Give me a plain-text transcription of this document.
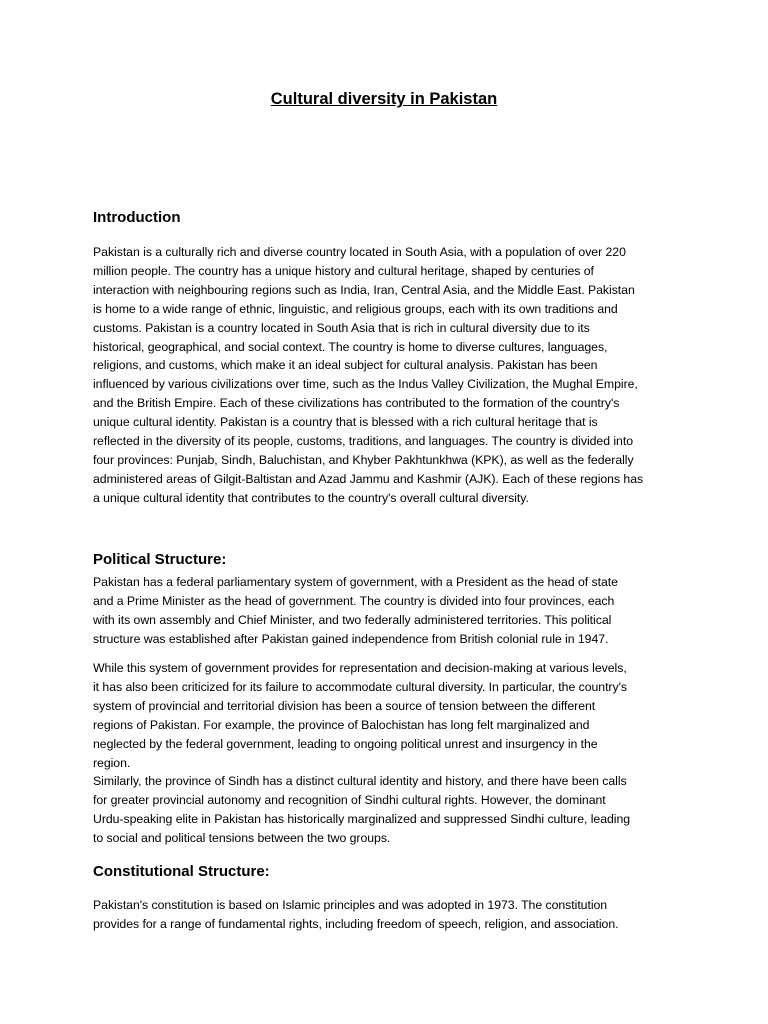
Cultural diversity in Pakistan
Introduction
Pakistan is a culturally rich and diverse country located in South Asia, with a population of over 220
million people. The country has a unique history and cultural heritage, shaped by centuries of
interaction with neighbouring regions such as India, Iran, Central Asia, and the Middle East. Pakistan
is home to a wide range of ethnic, linguistic, and religious groups, each with its own traditions and
customs. Pakistan is a country located in South Asia that is rich in cultural diversity due to its
historical, geographical, and social context. The country is home to diverse cultures, languages,
religions, and customs, which make it an ideal subject for cultural analysis. Pakistan has been
influenced by various civilizations over time, such as the Indus Valley Civilization, the Mughal Empire,
and the British Empire. Each of these civilizations has contributed to the formation of the country's
unique cultural identity. Pakistan is a country that is blessed with a rich cultural heritage that is
reflected in the diversity of its people, customs, traditions, and languages. The country is divided into
four provinces: Punjab, Sindh, Baluchistan, and Khyber Pakhtunkhwa (KPK), as well as the federally
administered areas of Gilgit-Baltistan and Azad Jammu and Kashmir (AJK). Each of these regions has
a unique cultural identity that contributes to the country's overall cultural diversity.
Political Structure:
Pakistan has a federal parliamentary system of government, with a President as the head of state
and a Prime Minister as the head of government. The country is divided into four provinces, each
with its own assembly and Chief Minister, and two federally administered territories. This political
structure was established after Pakistan gained independence from British colonial rule in 1947.
While this system of government provides for representation and decision-making at various levels,
it has also been criticized for its failure to accommodate cultural diversity. In particular, the country's
system of provincial and territorial division has been a source of tension between the different
regions of Pakistan. For example, the province of Balochistan has long felt marginalized and
neglected by the federal government, leading to ongoing political unrest and insurgency in the
region.
Similarly, the province of Sindh has a distinct cultural identity and history, and there have been calls
for greater provincial autonomy and recognition of Sindhi cultural rights. However, the dominant
Urdu-speaking elite in Pakistan has historically marginalized and suppressed Sindhi culture, leading
to social and political tensions between the two groups.
Constitutional Structure:
Pakistan's constitution is based on Islamic principles and was adopted in 1973. The constitution
provides for a range of fundamental rights, including freedom of speech, religion, and association.
